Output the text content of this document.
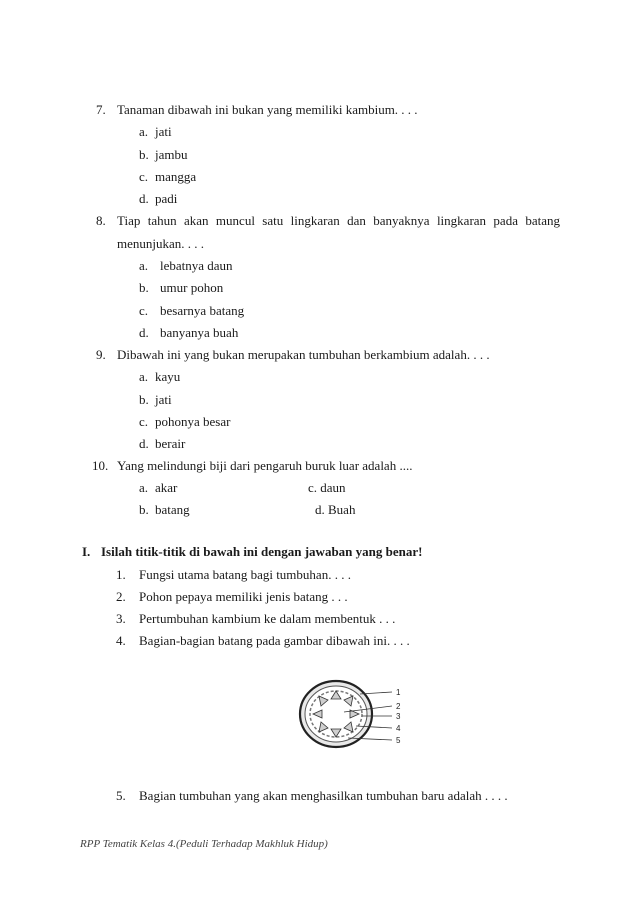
7. Tanaman dibawah ini bukan yang memiliki kambium. . . .
a. jati
b. jambu
c. mangga
d. padi
8. Tiap tahun akan muncul satu lingkaran dan banyaknya lingkaran pada batang
menunjukan. . . .
a. lebatnya daun
b. umur pohon
c. besarnya batang
d. banyanya buah
9. Dibawah ini yang bukan merupakan tumbuhan berkambium adalah. . . .
a. kayu
b. jati
c. pohonya besar
d. berair
10. Yang melindungi biji dari pengaruh buruk luar adalah ....
a. akar	c. daun
b. batang	d. Buah
I. Isilah titik-titik di bawah ini dengan jawaban yang benar!
1. Fungsi utama batang bagi tumbuhan. . . .
2. Pohon pepaya memiliki jenis batang . . .
3. Pertumbuhan kambium ke dalam membentuk . . .
4. Bagian-bagian batang pada gambar dibawah ini. . . .
1
2
3
4
5
5. Bagian tumbuhan yang akan menghasilkan tumbuhan baru adalah . . . .
RPP Tematik Kelas 4.(Peduli Terhadap Makhluk Hidup)
